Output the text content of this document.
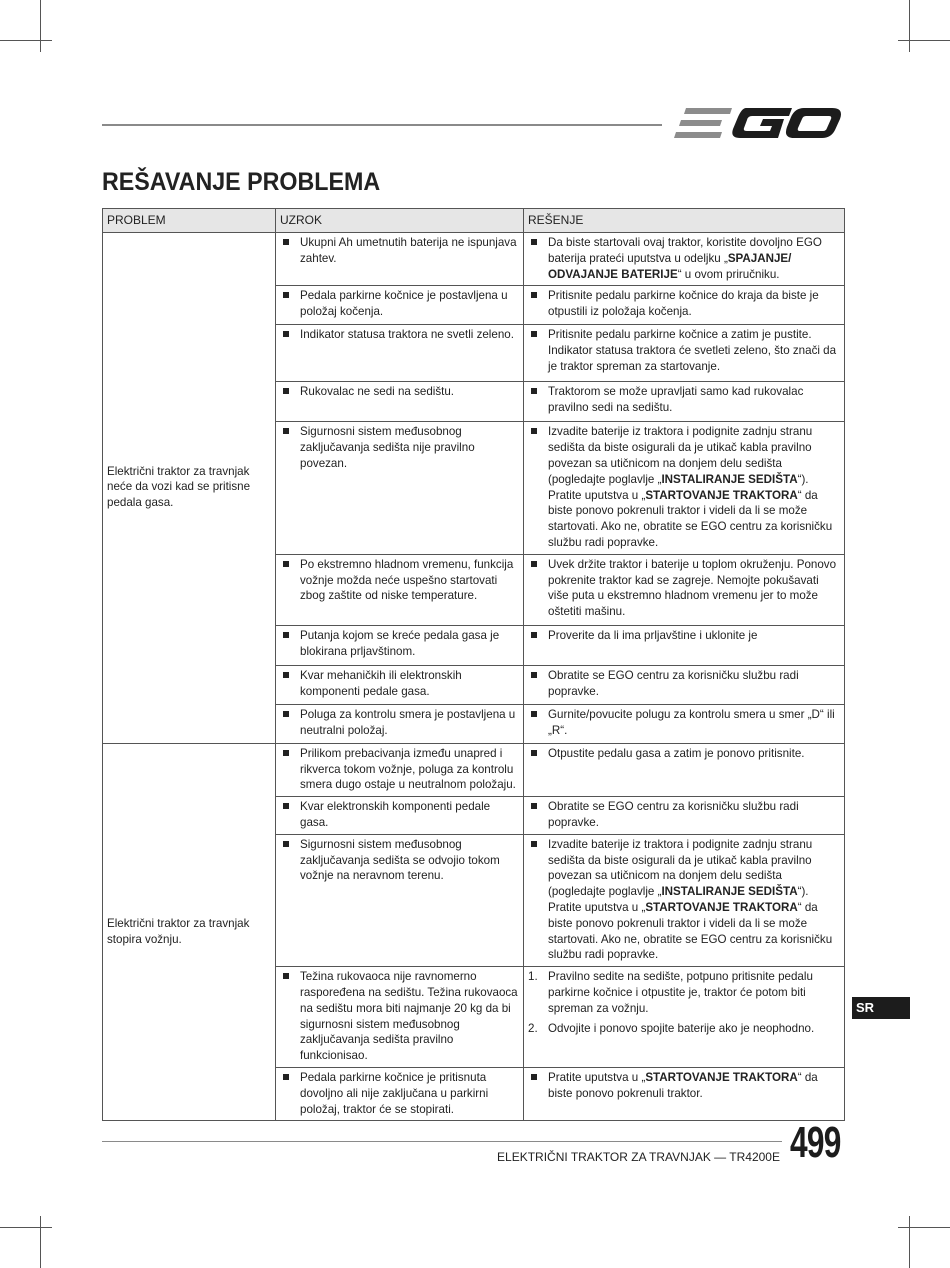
REŠAVANJE PROBLEMA
PROBLEM	UZROK	REŠENJE
Električni traktor za travnjak neće da vozi kad se pritisne pedala gasa.	Ukupni Ah umetnutih baterija ne ispunjava zahtev.	Da biste startovali ovaj traktor, koristite dovoljno EGO baterija prateći uputstva u odeljku „SPAJANJE/ ODVAJANJE BATERIJE“ u ovom priručniku.
	Pedala parkirne kočnice je postavljena u položaj kočenja.	Pritisnite pedalu parkirne kočnice do kraja da biste je otpustili iz položaja kočenja.
	Indikator statusa traktora ne svetli zeleno.	Pritisnite pedalu parkirne kočnice a zatim je pustite. Indikator statusa traktora će svetleti zeleno, što znači da je traktor spreman za startovanje.
	Rukovalac ne sedi na sedištu.	Traktorom se može upravljati samo kad rukovalac pravilno sedi na sedištu.
	Sigurnosni sistem međusobnog zaključavanja sedišta nije pravilno povezan.	Izvadite baterije iz traktora i podignite zadnju stranu sedišta da biste osigurali da je utikač kabla pravilno povezan sa utičnicom na donjem delu sedišta (pogledajte poglavlje „INSTALIRANJE SEDIŠTA“). Pratite uputstva u „STARTOVANJE TRAKTORA“ da biste ponovo pokrenuli traktor i videli da li se može startovati. Ako ne, obratite se EGO centru za korisničku službu radi popravke.
	Po ekstremno hladnom vremenu, funkcija vožnje možda neće uspešno startovati zbog zaštite od niske temperature.	Uvek držite traktor i baterije u toplom okruženju. Ponovo pokrenite traktor kad se zagreje. Nemojte pokušavati više puta u ekstremno hladnom vremenu jer to može oštetiti mašinu.
	Putanja kojom se kreće pedala gasa je blokirana prljavštinom.	Proverite da li ima prljavštine i uklonite je
	Kvar mehaničkih ili elektronskih komponenti pedale gasa.	Obratite se EGO centru za korisničku službu radi popravke.
	Poluga za kontrolu smera je postavljena u neutralni položaj.	Gurnite/povucite polugu za kontrolu smera u smer „D“ ili „R“.
Električni traktor za travnjak stopira vožnju.	Prilikom prebacivanja između unapred i rikverca tokom vožnje, poluga za kontrolu smera dugo ostaje u neutralnom položaju.	Otpustite pedalu gasa a zatim je ponovo pritisnite.
	Kvar elektronskih komponenti pedale gasa.	Obratite se EGO centru za korisničku službu radi popravke.
	Sigurnosni sistem međusobnog zaključavanja sedišta se odvojio tokom vožnje na neravnom terenu.	Izvadite baterije iz traktora i podignite zadnju stranu sedišta da biste osigurali da je utikač kabla pravilno povezan sa utičnicom na donjem delu sedišta (pogledajte poglavlje „INSTALIRANJE SEDIŠTA“). Pratite uputstva u „STARTOVANJE TRAKTORA“ da biste ponovo pokrenuli traktor i videli da li se može startovati. Ako ne, obratite se EGO centru za korisničku službu radi popravke.
	Težina rukovaoca nije ravnomerno raspoređena na sedištu. Težina rukovaoca na sedištu mora biti najmanje 20 kg da bi sigurnosni sistem međusobnog zaključavanja sedišta pravilno funkcionisao.	1. Pravilno sedite na sedište, potpuno pritisnite pedalu parkirne kočnice i otpustite je, traktor će potom biti spreman za vožnju.
2. Odvojite i ponovo spojite baterije ako je neophodno.

	Pedala parkirne kočnice je pritisnuta dovoljno ali nije zaključana u parkirni položaj, traktor će se stopirati.	Pratite uputstva u „STARTOVANJE TRAKTORA“ da biste ponovo pokrenuli traktor.
SR
ELEKTRIČNI TRAKTOR ZA TRAVNJAK — TR4200E 499
